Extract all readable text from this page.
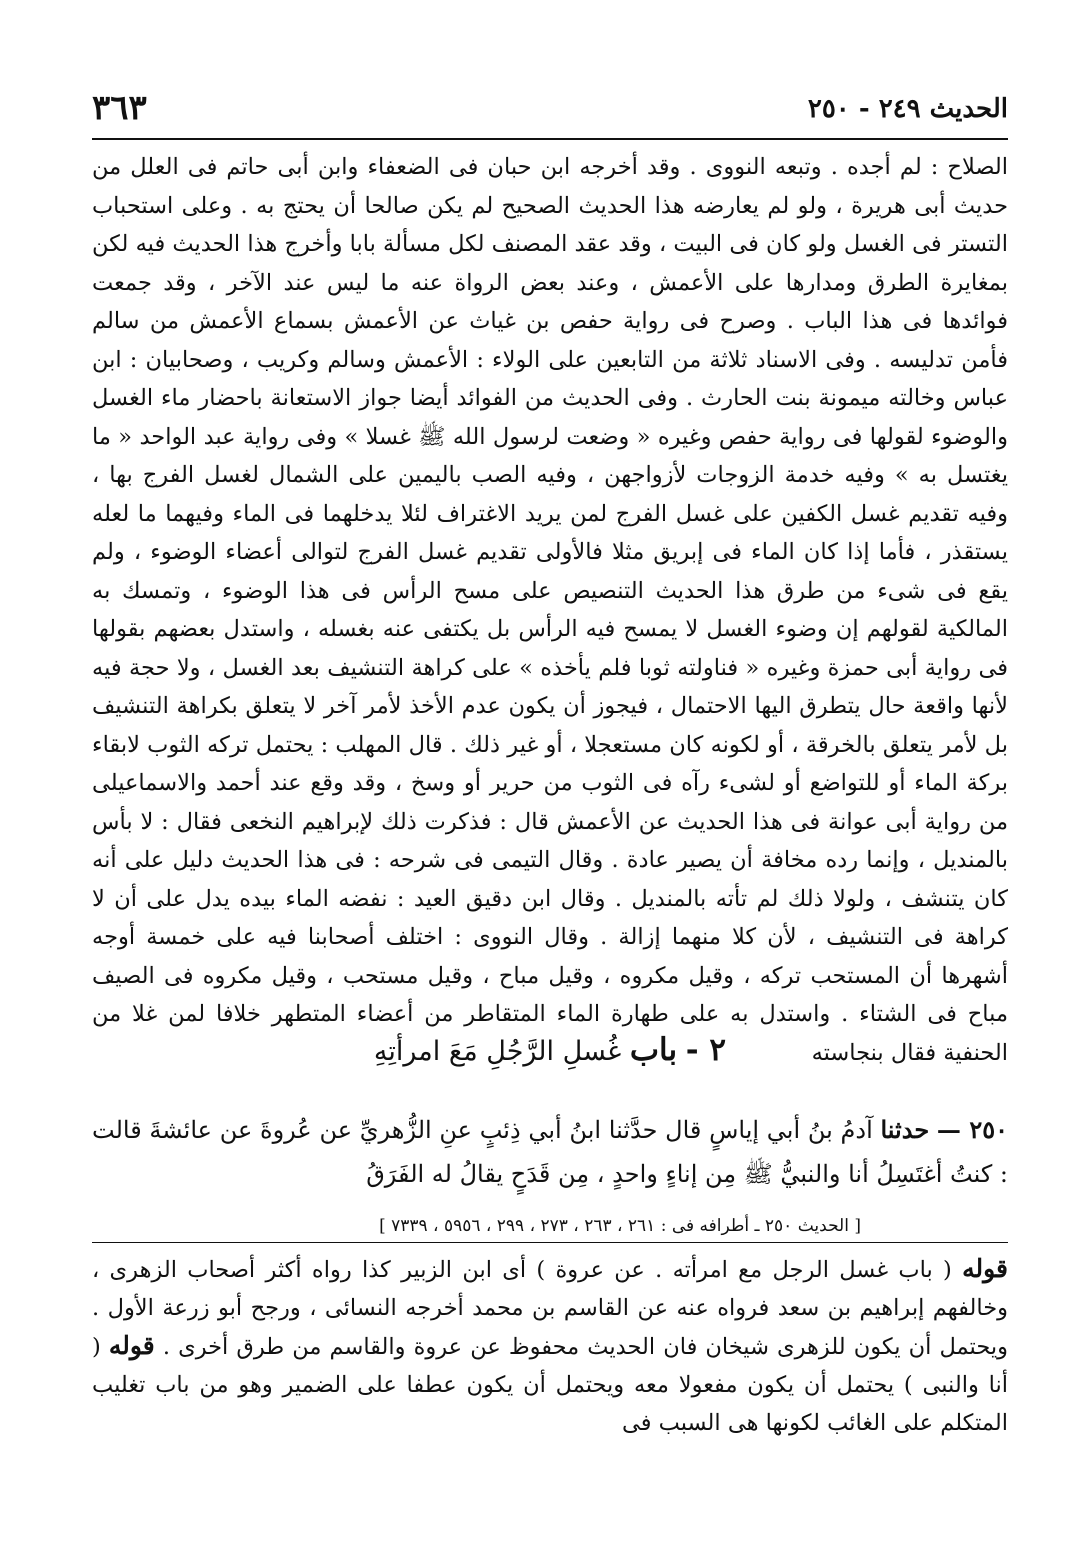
الحديث ٢٤٩ - ٢٥٠
٣٦٣

الصلاح : لم أجده . وتبعه النووى . وقد أخرجه ابن حبان فى الضعفاء وابن أبى حاتم فى العلل من حديث أبى هريرة ، ولو لم يعارضه هذا الحديث الصحيح لم يكن صالحا أن يحتج به . وعلى استحباب التستر فى الغسل ولو كان فى البيت ، وقد عقد المصنف لكل مسألة بابا وأخرج هذا الحديث فيه لكن بمغايرة الطرق ومدارها على الأعمش ، وعند بعض الرواة عنه ما ليس عند الآخر ، وقد جمعت فوائدها فى هذا الباب . وصرح فى رواية حفص بن غياث عن الأعمش بسماع الأعمش من سالم فأمن تدليسه . وفى الاسناد ثلاثة من التابعين على الولاء : الأعمش وسالم وكريب ، وصحابيان : ابن عباس وخالته ميمونة بنت الحارث . وفى الحديث من الفوائد أيضا جواز الاستعانة باحضار ماء الغسل والوضوء لقولها فى رواية حفص وغيره « وضعت لرسول الله ﷺ غسلا » وفى رواية عبد الواحد « ما يغتسل به » وفيه خدمة الزوجات لأزواجهن ، وفيه الصب باليمين على الشمال لغسل الفرج بها ، وفيه تقديم غسل الكفين على غسل الفرج لمن يريد الاغتراف لئلا يدخلهما فى الماء وفيهما ما لعله يستقذر ، فأما إذا كان الماء فى إبريق مثلا فالأولى تقديم غسل الفرج لتوالى أعضاء الوضوء ، ولم يقع فى شىء من طرق هذا الحديث التنصيص على مسح الرأس فى هذا الوضوء ، وتمسك به المالكية لقولهم إن وضوء الغسل لا يمسح فيه الرأس بل يكتفى عنه بغسله ، واستدل بعضهم بقولها فى رواية أبى حمزة وغيره « فناولته ثوبا فلم يأخذه » على كراهة التنشيف بعد الغسل ، ولا حجة فيه لأنها واقعة حال يتطرق اليها الاحتمال ، فيجوز أن يكون عدم الأخذ لأمر آخر لا يتعلق بكراهة التنشيف بل لأمر يتعلق بالخرقة ، أو لكونه كان مستعجلا ، أو غير ذلك . قال المهلب : يحتمل تركه الثوب لابقاء بركة الماء أو للتواضع أو لشىء رآه فى الثوب من حرير أو وسخ ، وقد وقع عند أحمد والاسماعيلى من رواية أبى عوانة فى هذا الحديث عن الأعمش قال : فذكرت ذلك لإبراهيم النخعى فقال : لا بأس بالمنديل ، وإنما رده مخافة أن يصير عادة . وقال التيمى فى شرحه : فى هذا الحديث دليل على أنه كان يتنشف ، ولولا ذلك لم تأته بالمنديل . وقال ابن دقيق العيد : نفضه الماء بيده يدل على أن لا كراهة فى التنشيف ، لأن كلا منهما إزالة . وقال النووى : اختلف أصحابنا فيه على خمسة أوجه أشهرها أن المستحب تركه ، وقيل مكروه ، وقيل مباح ، وقيل مستحب ، وقيل مكروه فى الصيف مباح فى الشتاء . واستدل به على طهارة الماء المتقاطر من أعضاء المتطهر خلافا لمن غلا من الحنفية فقال بنجاسته

٢ - باب غُسلِ الرَّجُلِ مَعَ امرأتِهِ

٢٥٠ — حدثنا آدمُ بنُ أبي إياسٍ قال حدَّثنا ابنُ أبي ذِئبٍ عنِ الزُّهريِّ عن عُروةَ عن عائشةَ قالت : كنتُ أغتَسِلُ أنا والنبيُّ ﷺ مِن إناءٍ واحدٍ ، مِن قَدَحٍ يقالُ له الفَرَقُ

[ الحديث ٢٥٠ ـ أطرافه فى : ٢٦١ ، ٢٦٣ ، ٢٧٣ ، ٢٩٩ ، ٥٩٥٦ ، ٧٣٣٩ ]

قوله ( باب غسل الرجل مع امرأته . عن عروة ) أى ابن الزبير كذا رواه أكثر أصحاب الزهرى ، وخالفهم إبراهيم بن سعد فرواه عنه عن القاسم بن محمد أخرجه النسائى ، ورجح أبو زرعة الأول . ويحتمل أن يكون للزهرى شيخان فان الحديث محفوظ عن عروة والقاسم من طرق أخرى . قوله ( أنا والنبى ) يحتمل أن يكون مفعولا معه ويحتمل أن يكون عطفا على الضمير وهو من باب تغليب المتكلم على الغائب لكونها هى السبب فى
